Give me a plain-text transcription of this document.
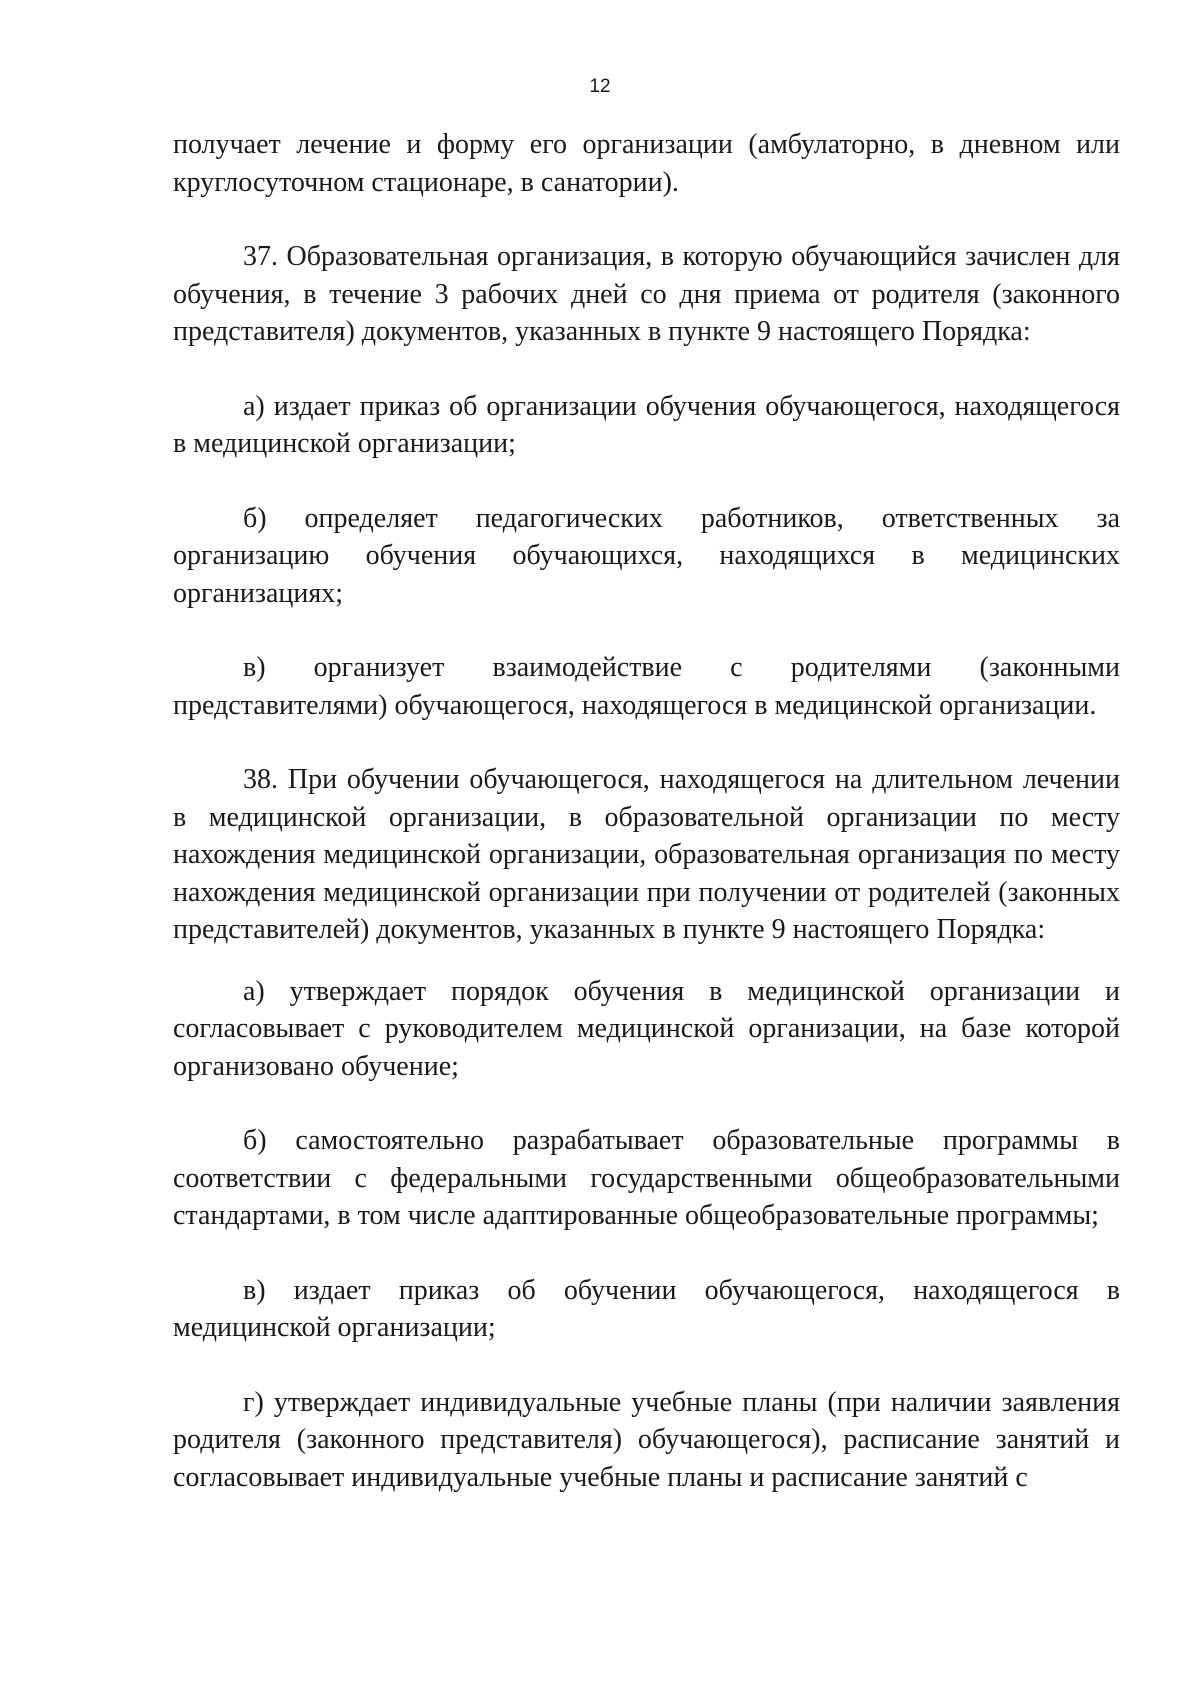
12

получает лечение и форму его организации (амбулаторно, в дневном или круглосуточном стационаре, в санатории).

37. Образовательная организация, в которую обучающийся зачислен для обучения, в течение 3 рабочих дней со дня приема от родителя (законного представителя) документов, указанных в пункте 9 настоящего Порядка:

а) издает приказ об организации обучения обучающегося, находящегося в медицинской организации;

б) определяет педагогических работников, ответственных за организацию обучения обучающихся, находящихся в медицинских организациях;

в) организует взаимодействие с родителями (законными представителями) обучающегося, находящегося в медицинской организации.

38. При обучении обучающегося, находящегося на длительном лечении в медицинской организации, в образовательной организации по месту нахождения медицинской организации, образовательная организация по месту нахождения медицинской организации при получении от родителей (законных представителей) документов, указанных в пункте 9 настоящего Порядка:

а) утверждает порядок обучения в медицинской организации и согласовывает с руководителем медицинской организации, на базе которой организовано обучение;

б) самостоятельно разрабатывает образовательные программы в соответствии с федеральными государственными общеобразовательными стандартами, в том числе адаптированные общеобразовательные программы;

в) издает приказ об обучении обучающегося, находящегося в медицинской организации;

г) утверждает индивидуальные учебные планы (при наличии заявления родителя (законного представителя) обучающегося), расписание занятий и согласовывает индивидуальные учебные планы и расписание занятий с
